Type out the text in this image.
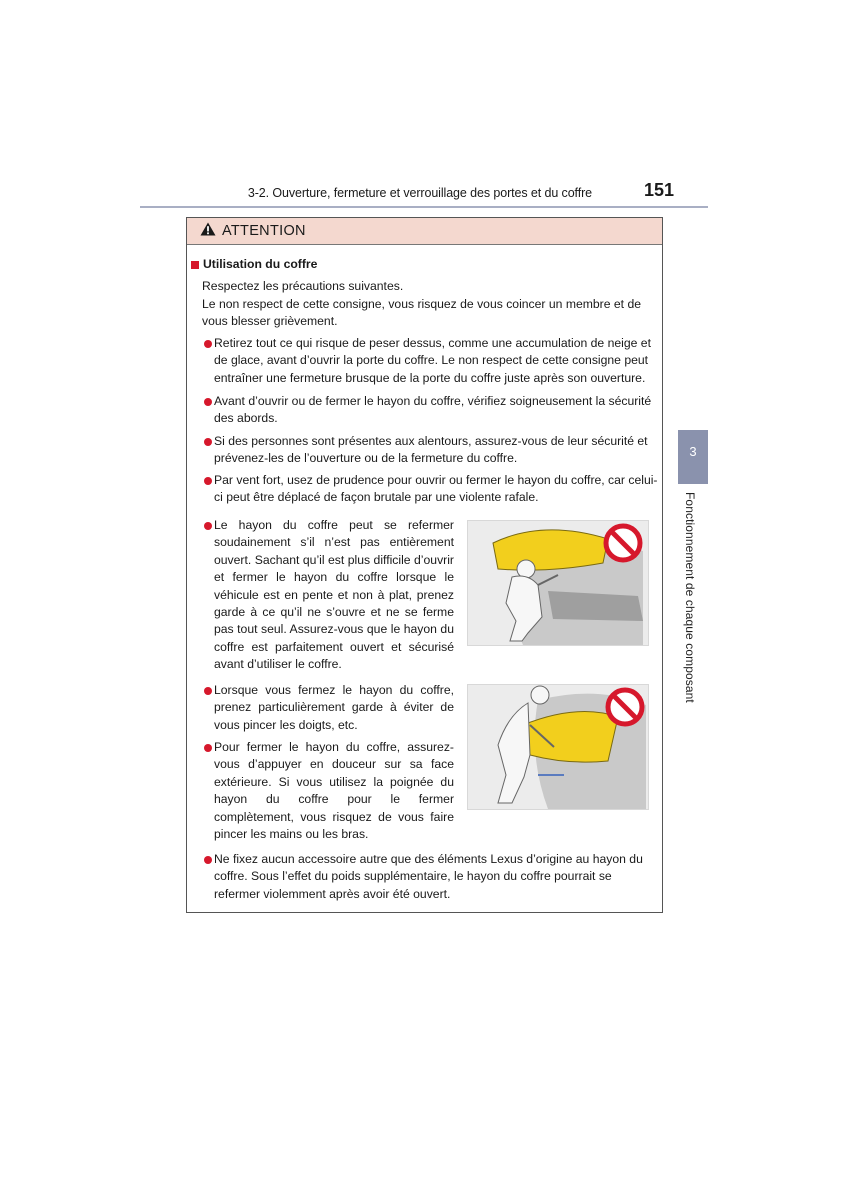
3-2. Ouverture, fermeture et verrouillage des portes et du coffre	151
3
Fonctionnement de chaque composant
ATTENTION
Utilisation du coffre
Respectez les précautions suivantes.
Le non respect de cette consigne, vous risquez de vous coincer un membre et de vous blesser grièvement.
Retirez tout ce qui risque de peser dessus, comme une accumulation de neige et de glace, avant d’ouvrir la porte du coffre. Le non respect de cette consigne peut entraîner une fermeture brusque de la porte du coffre juste après son ouverture.
Avant d’ouvrir ou de fermer le hayon du coffre, vérifiez soigneusement la sécurité des abords.
Si des personnes sont présentes aux alentours, assurez-vous de leur sécurité et prévenez-les de l’ouverture ou de la fermeture du coffre.
Par vent fort, usez de prudence pour ouvrir ou fermer le hayon du coffre, car celui-ci peut être déplacé de façon brutale par une violente rafale.
Le hayon du coffre peut se refermer soudainement s’il n’est pas entièrement ouvert. Sachant qu’il est plus difficile d’ouvrir et fermer le hayon du coffre lorsque le véhicule est en pente et non à plat, prenez garde à ce qu’il ne s’ouvre et ne se ferme pas tout seul. Assurez-vous que le hayon du coffre est parfaitement ouvert et sécurisé avant d’utiliser le coffre.
Lorsque vous fermez le hayon du coffre, prenez particulièrement garde à éviter de vous pincer les doigts, etc.
Pour fermer le hayon du coffre, assurez-vous d’appuyer en douceur sur sa face extérieure. Si vous utilisez la poignée du hayon du coffre pour le fermer complètement, vous risquez de vous faire pincer les mains ou les bras.
Ne fixez aucun accessoire autre que des éléments Lexus d’origine au hayon du coffre. Sous l’effet du poids supplémentaire, le hayon du coffre pourrait se refermer violemment après avoir été ouvert.
